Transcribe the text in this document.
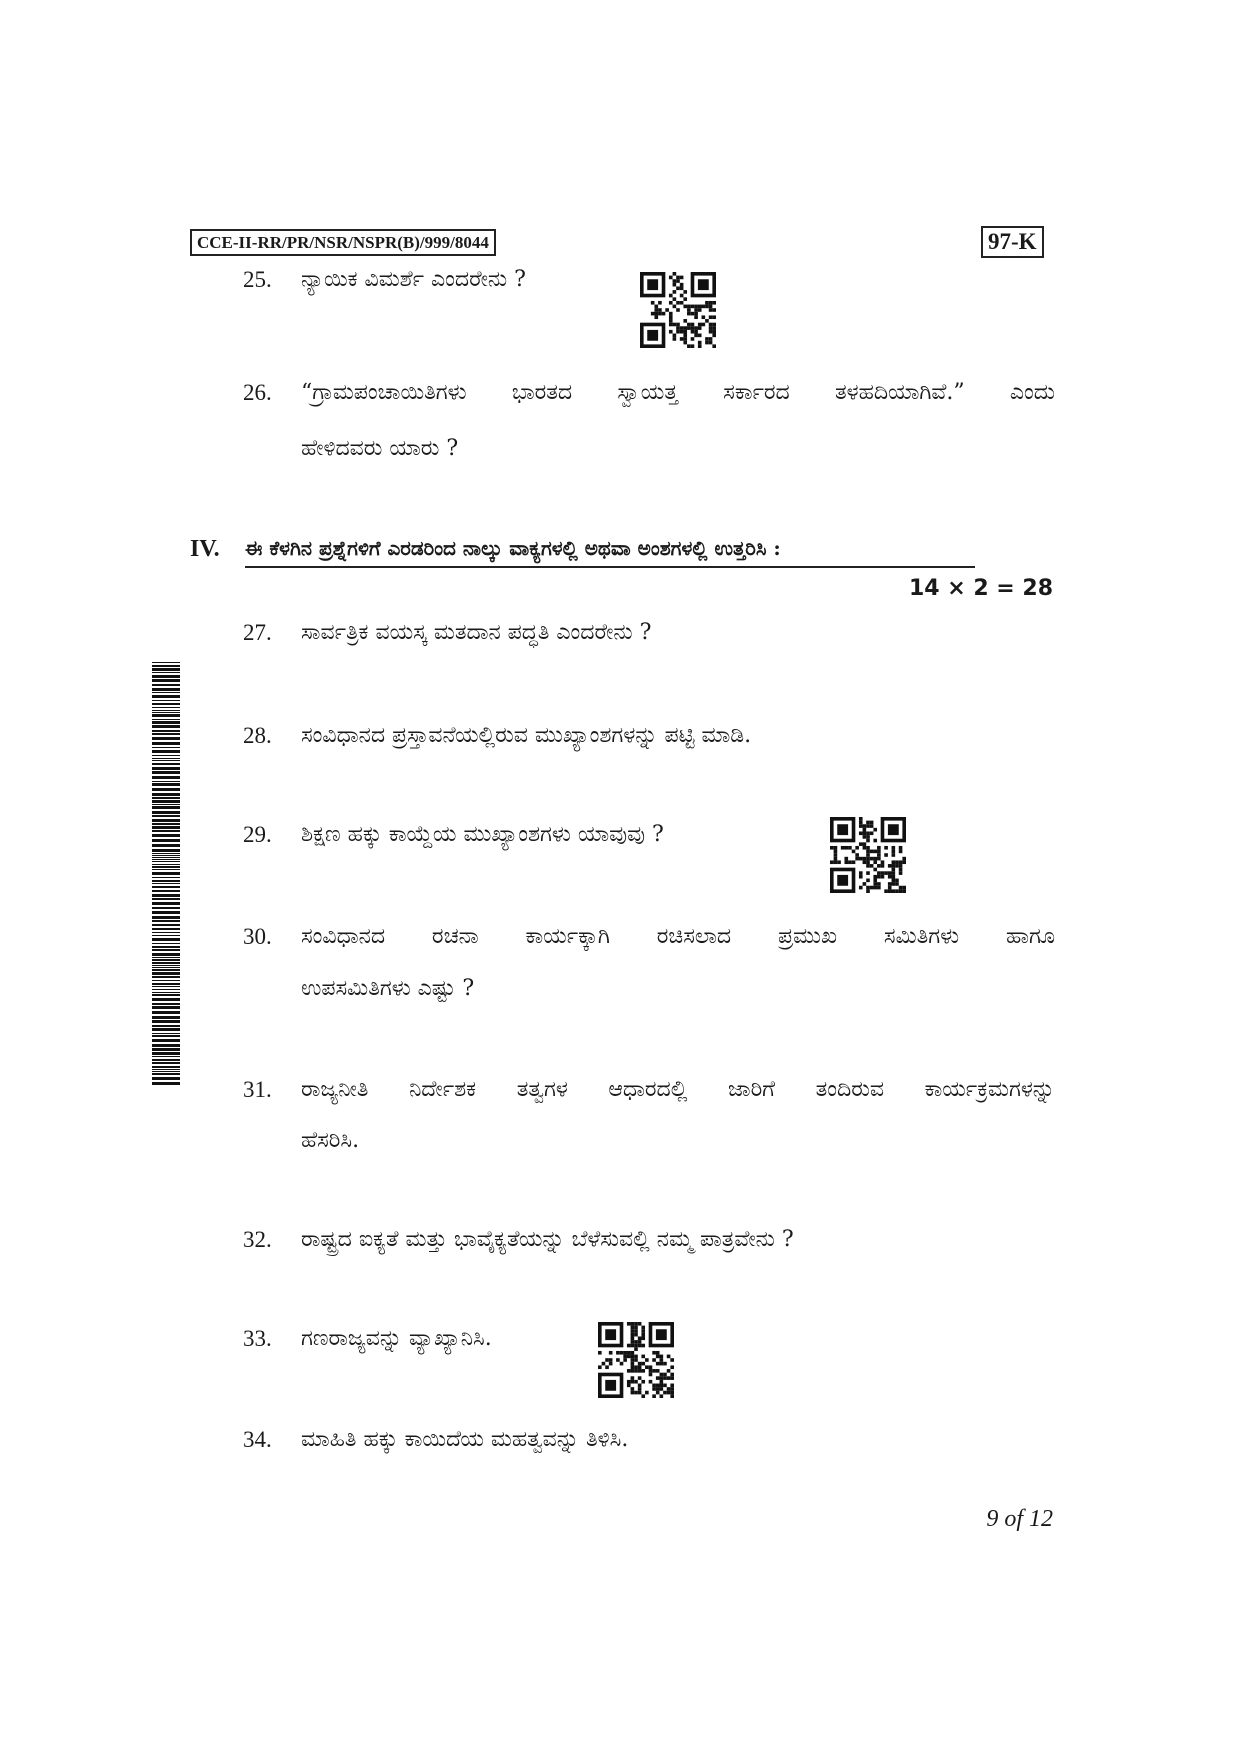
CCE-II-RR/PR/NSR/NSPR(B)/999/8044	97-K
25.	ನ್ಯಾಯಿಕ ವಿಮರ್ಶೆ ಎಂದರೇನು ?
26.	“ಗ್ರಾಮಪಂಚಾಯಿತಿಗಳು ಭಾರತದ ಸ್ವಾಯತ್ತ ಸರ್ಕಾರದ ತಳಹದಿಯಾಗಿವೆ.” ಎಂದು
ಹೇಳಿದವರು ಯಾರು ?
IV. ಈ ಕೆಳಗಿನ ಪ್ರಶ್ನೆಗಳಿಗೆ ಎರಡರಿಂದ ನಾಲ್ಕು ವಾಕ್ಯಗಳಲ್ಲಿ ಅಥವಾ ಅಂಶಗಳಲ್ಲಿ ಉತ್ತರಿಸಿ :
14 × 2 = 28
27.	ಸಾರ್ವತ್ರಿಕ ವಯಸ್ಕ ಮತದಾನ ಪದ್ಧತಿ ಎಂದರೇನು ?
28.	ಸಂವಿಧಾನದ ಪ್ರಸ್ತಾವನೆಯಲ್ಲಿರುವ ಮುಖ್ಯಾಂಶಗಳನ್ನು ಪಟ್ಟಿ ಮಾಡಿ.
29.	ಶಿಕ್ಷಣ ಹಕ್ಕು ಕಾಯ್ದೆಯ ಮುಖ್ಯಾಂಶಗಳು ಯಾವುವು ?
30.	ಸಂವಿಧಾನದ ರಚನಾ ಕಾರ್ಯಕ್ಕಾಗಿ ರಚಿಸಲಾದ ಪ್ರಮುಖ ಸಮಿತಿಗಳು ಹಾಗೂ
ಉಪಸಮಿತಿಗಳು ಎಷ್ಟು ?
31.	ರಾಜ್ಯನೀತಿ ನಿರ್ದೇಶಕ ತತ್ವಗಳ ಆಧಾರದಲ್ಲಿ ಜಾರಿಗೆ ತಂದಿರುವ ಕಾರ್ಯಕ್ರಮಗಳನ್ನು
ಹೆಸರಿಸಿ.
32.	ರಾಷ್ಟ್ರದ ಐಕ್ಯತೆ ಮತ್ತು ಭಾವೈಕ್ಯತೆಯನ್ನು ಬೆಳೆಸುವಲ್ಲಿ ನಮ್ಮ ಪಾತ್ರವೇನು ?
33.	ಗಣರಾಜ್ಯವನ್ನು ವ್ಯಾಖ್ಯಾನಿಸಿ.
34.	ಮಾಹಿತಿ ಹಕ್ಕು ಕಾಯಿದೆಯ ಮಹತ್ವವನ್ನು ತಿಳಿಸಿ.
9 of 12
